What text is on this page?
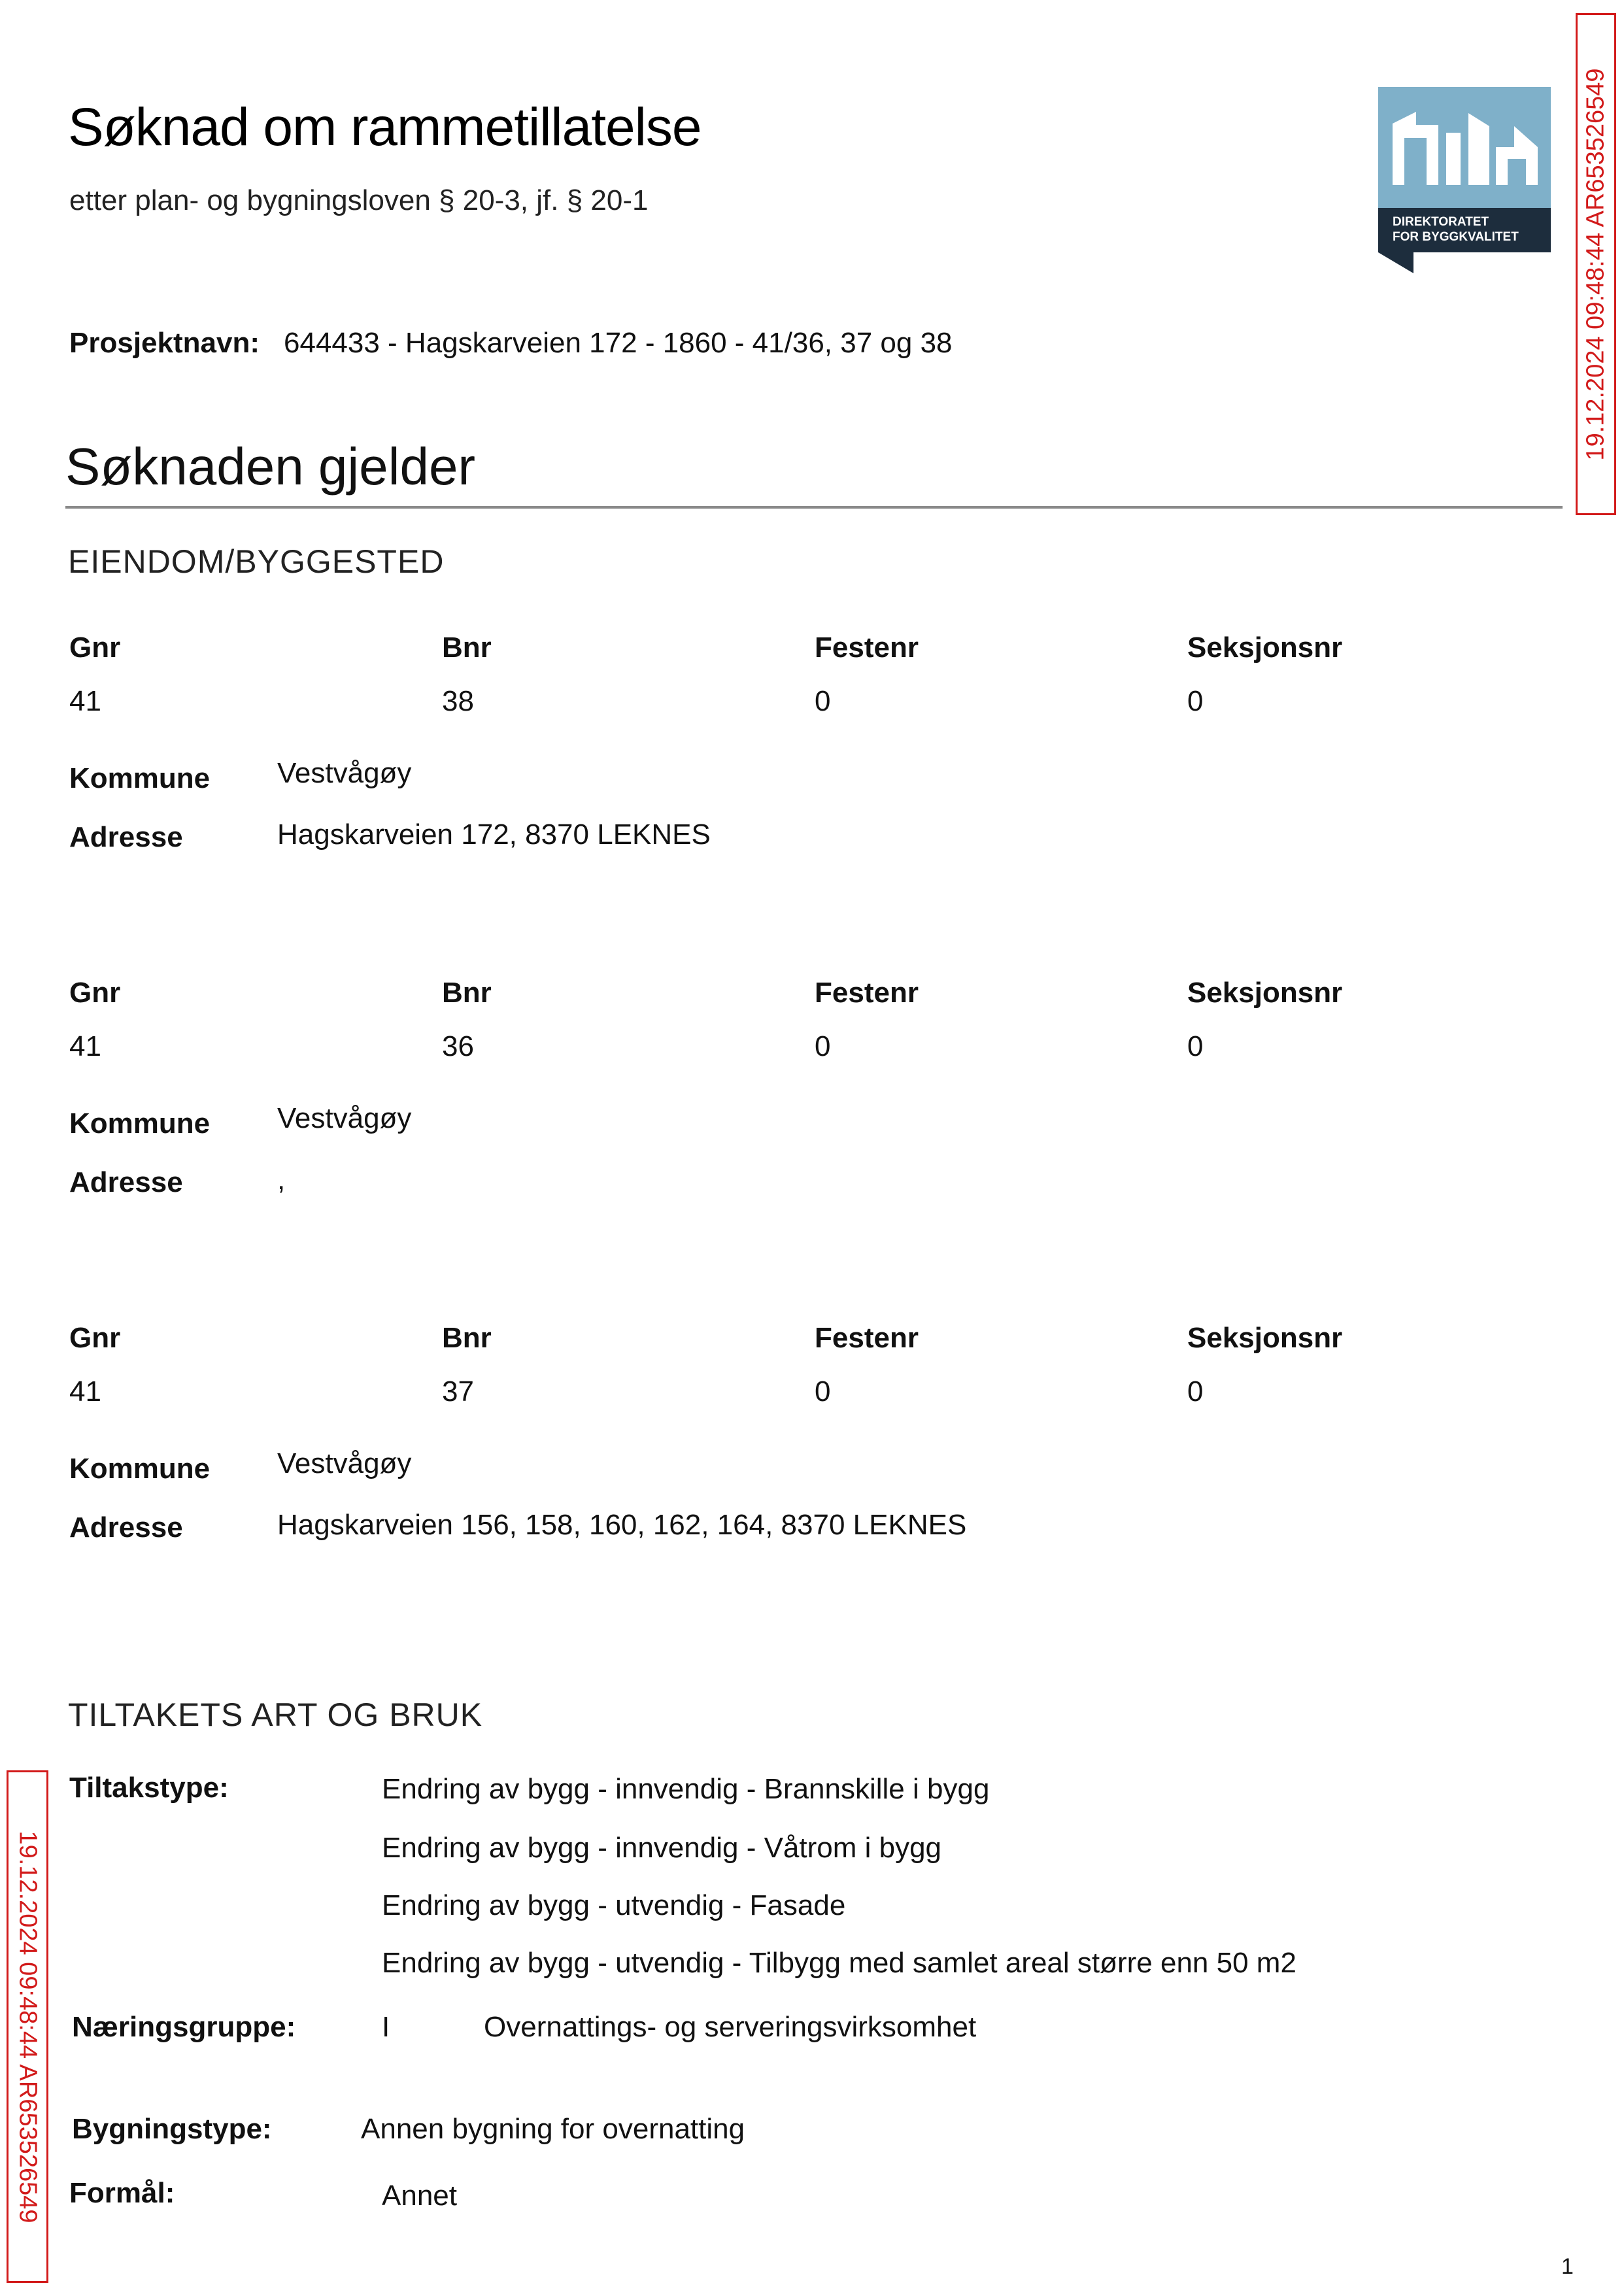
Søknad om rammetillatelse
etter plan- og bygningsloven § 20-3, jf. § 20-1
DIREKTORATET
FOR BYGGKVALITET	19.12.2024 09:48:44 AR653526549
19.12.2024 09:48:44 AR653526549
Prosjektnavn: 644433 - Hagskarveien 172 - 1860 - 41/36, 37 og 38
Søknaden gjelder
EIENDOM/BYGGESTED
Gnr	Bnr	Festenr	Seksjonsnr
41	38	0	0
Kommune Vestvågøy
Adresse	Hagskarveien 172, 8370 LEKNES
Gnr	Bnr	Festenr	Seksjonsnr
41	36	0	0
Kommune Vestvågøy
Adresse	,
Gnr	Bnr	Festenr	Seksjonsnr
41	37	0	0
Kommune Vestvågøy
Adresse	Hagskarveien 156, 158, 160, 162, 164, 8370 LEKNES
TILTAKETS ART OG BRUK
Tiltakstype:	Endring av bygg - innvendig - Brannskille i bygg
Endring av bygg - innvendig - Våtrom i bygg
Endring av bygg - utvendig - Fasade
Endring av bygg - utvendig - Tilbygg med samlet areal større enn 50 m2
Næringsgruppe:	I	Overnattings- og serveringsvirksomhet
Bygningstype:	Annen bygning for overnatting
Formål:	Annet
1
